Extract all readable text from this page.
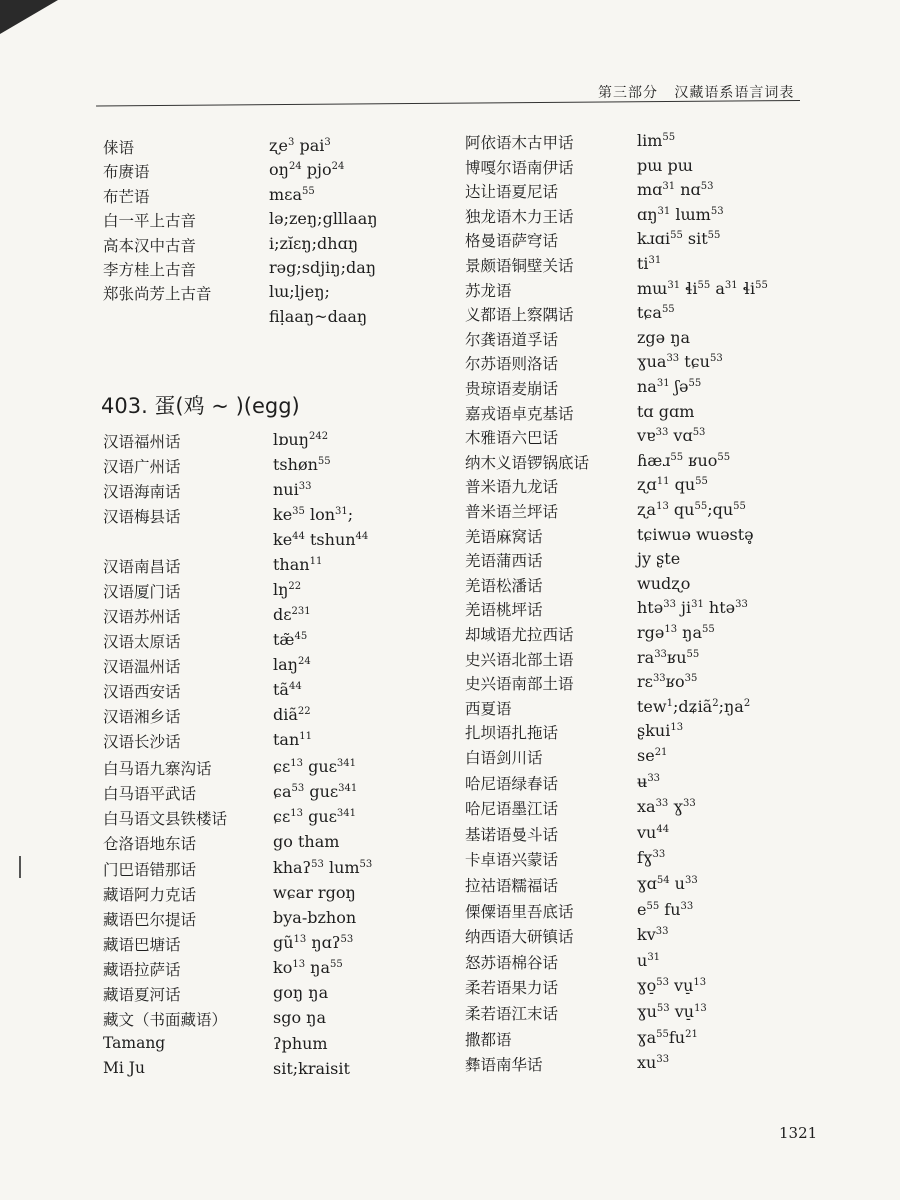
第三部分 汉藏语系语言词表
俫语	ʐe$^3$ pai$^3$
布赓语	$oŋ^{24}$ pjo$^{24}$
布芒语	mɛa$^{55}$
白一平上古音	lə;zeŋ;glllaaŋ
高本汉中古音	i;zĭɛŋ;dhɑŋ
李方桂上古音	rəg;sdjiŋ;daŋ
郑张尚芳上古音	lɯ;ljeŋ;
fiḷaaŋ~daaŋ
403. 蛋(鸡 ~ )(egg)
汉语福州话	lɒuŋ$^{242}$
汉语广州话	tshøn$^{55}$
汉语海南话	nui$^{33}$
汉语梅县话	$ke^{35}$ lon$^{31}$;
$ke^{44}$ tshun$^{44}$
汉语南昌话	than$^{11}$
汉语厦门话	$lŋ^{22}$
汉语苏州话	dɛ$^{231}$
汉语太原话	tæ̃$^{45}$
汉语温州话	laŋ$^{24}$
汉语西安话	$tã^{44}$
汉语湘乡话	diã$^{22}$
汉语长沙话	$\tan^{11}$
白马语九寨沟话	ɕɛ$^{13}$ guɛ$^{341}$
白马语平武话	ɕa$^{53}$ guɛ$^{341}$
白马语文县铁楼话	ɕɛ$^{13}$ guɛ$^{341}$
仓洛语地东话	go tham
门巴语错那话	khaʔ$^{53}$ lum$^{53}$
藏语阿力克话	wɕar rgoŋ
藏语巴尔提话	bya-bzhon
藏语巴塘话	$gũ^{13}$ ŋɑʔ$^{53}$
藏语拉萨话	$ko^{13}$ $ŋa^{55}$
藏语夏河话	goŋ ŋa
藏文（书面藏语）	sgo ŋa
Tamang	ʔphum
Mi Ju	sit;kraisit
阿依语木古甲话	$\lim^{55}$
博嘎尔语南伊话	pɯ pɯ
达让语夏尼话	mɑ$^{31}$ nɑ$^{53}$
独龙语木力王话	ɑŋ$^{31}$ lɯm$^{53}$
格曼语萨穹话	kɹɑi$^{55}$ sit$^{55}$
景颇语铜壁关话	$ti^{31}$
苏龙语	mɯ$^{31}$ ɬi$^{55}$ $a^{31}$ ɬi$^{55}$
义都语上察隅话	tɕa$^{55}$
尔龚语道孚话	zgə ŋa
尔苏语则洛话	ɣua$^{33}$ tɕu$^{53}$
贵琼语麦崩话	$na^{31}$ ʃə$^{55}$
嘉戎语卓克基话	tɑ gɑm
木雅语六巴话	vɐ$^{33}$ vɑ$^{53}$
纳木义语锣锅底话	ɦæɹ$^{55}$ ʁuo$^{55}$
普米语九龙话	ʐɑ$^{11}$ $qu^{55}$
普米语兰坪话	ʐa$^{13}$ $qu^{55};qu^{55}$
羌语麻窝话	tɕiwuə wuəstə̥
羌语蒲西话	jy ʂte
羌语松潘话	wudʐo
羌语桃坪话	htə$^{33}$ $ji^{31}$ htə$^{33}$
却域语尤拉西话	rgə$^{13}$ $ŋa^{55}$
史兴语北部土语	$ra^{33}ʁu^{55}$
史兴语南部土语	rɛ$^{33}$ʁo$^{35}$
西夏语	$tew^1;dʑiã^2;ŋa^2$
扎坝语扎拖话	ʂkui$^{13}$
白语剑川话	$se^{21}$
哈尼语绿春话	ʉ$^{33}$
哈尼语墨江话	$xa^{33}$ ɣ$^{33}$
基诺语曼斗话	$vu^{44}$
卡卓语兴蒙话	fɣ$^{33}$
拉祜语糯福话	ɣɑ$^{54}$ $u^{33}$
傈僳语里吾底话	$e^{55}$ $fu^{33}$
纳西语大研镇话	$kv^{33}$
怒苏语棉谷话	$u^{31}$
柔若语果力话	ɣo̠$^{53}$ vu̠$^{13}$
柔若语江末话	ɣu$^{53}$ vu̠$^{13}$
撒都语	$ɣa^{55}fu^{21}$
彝语南华话	$xu^{33}$
1321
